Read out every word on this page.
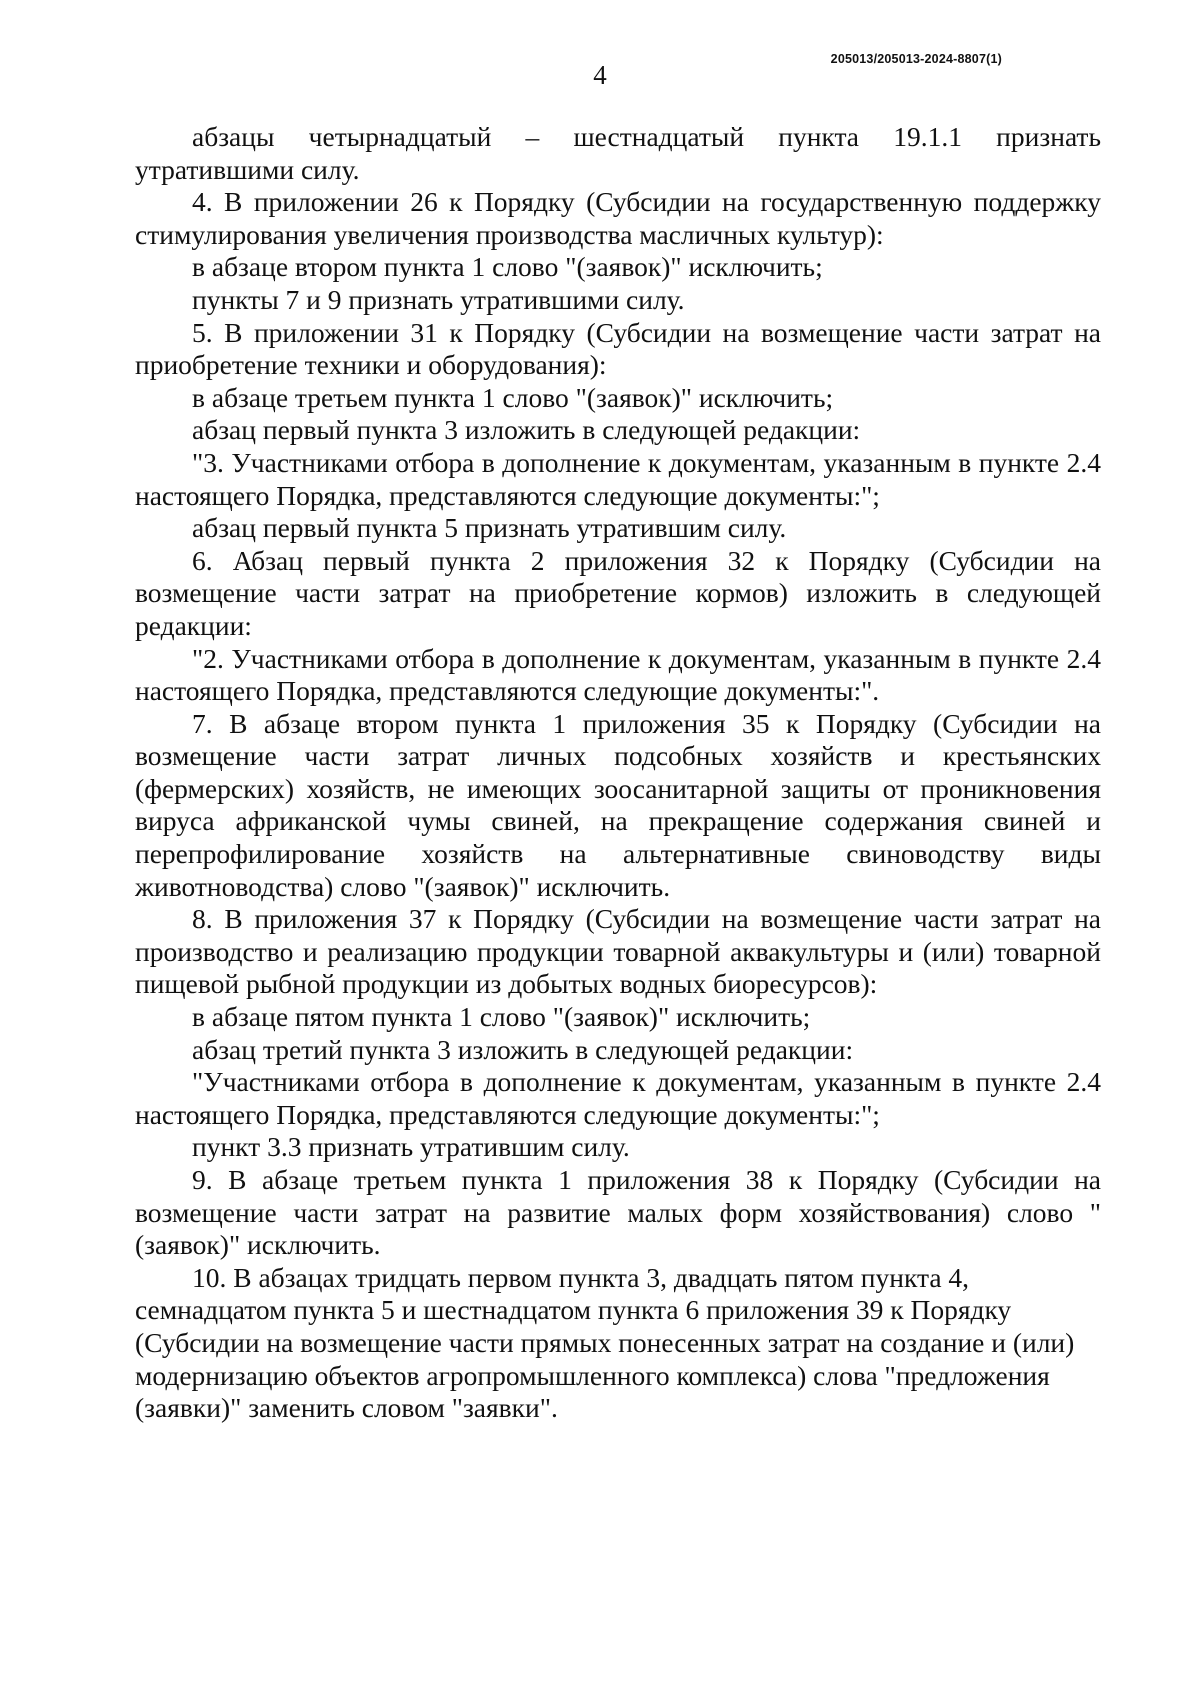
205013/205013-2024-8807(1)
4

абзацы четырнадцатый – шестнадцатый пункта 19.1.1 признать утратившими силу.

4. В приложении 26 к Порядку (Субсидии на государственную поддержку стимулирования увеличения производства масличных культур):

в абзаце втором пункта 1 слово "(заявок)" исключить;

пункты 7 и 9 признать утратившими силу.

5. В приложении 31 к Порядку (Субсидии на возмещение части затрат на приобретение техники и оборудования):

в абзаце третьем пункта 1 слово "(заявок)" исключить;

абзац первый пункта 3 изложить в следующей редакции:

"3. Участниками отбора в дополнение к документам, указанным в пункте 2.4 настоящего Порядка, представляются следующие документы:";

абзац первый пункта 5 признать утратившим силу.

6. Абзац первый пункта 2 приложения 32 к Порядку (Субсидии на возмещение части затрат на приобретение кормов) изложить в следующей редакции:

"2. Участниками отбора в дополнение к документам, указанным в пункте 2.4 настоящего Порядка, представляются следующие документы:".

7. В абзаце втором пункта 1 приложения 35 к Порядку (Субсидии на возмещение части затрат личных подсобных хозяйств и крестьянских (фермерских) хозяйств, не имеющих зоосанитарной защиты от проникновения вируса африканской чумы свиней, на прекращение содержания свиней и перепрофилирование хозяйств на альтернативные свиноводству виды животноводства) слово "(заявок)" исключить.

8. В приложения 37 к Порядку (Субсидии на возмещение части затрат на производство и реализацию продукции товарной аквакультуры и (или) товарной пищевой рыбной продукции из добытых водных биоресурсов):

в абзаце пятом пункта 1 слово "(заявок)" исключить;

абзац третий пункта 3 изложить в следующей редакции:

"Участниками отбора в дополнение к документам, указанным в пункте 2.4 настоящего Порядка, представляются следующие документы:";

пункт 3.3 признать утратившим силу.

9. В абзаце третьем пункта 1 приложения 38 к Порядку (Субсидии на возмещение части затрат на развитие малых форм хозяйствования) слово "(заявок)" исключить.

10. В абзацах тридцать первом пункта 3, двадцать пятом пункта 4, семнадцатом пункта 5 и шестнадцатом пункта 6 приложения 39 к Порядку (Субсидии на возмещение части прямых понесенных затрат на создание и (или) модернизацию объектов агропромышленного комплекса) слова "предложения (заявки)" заменить словом "заявки".
